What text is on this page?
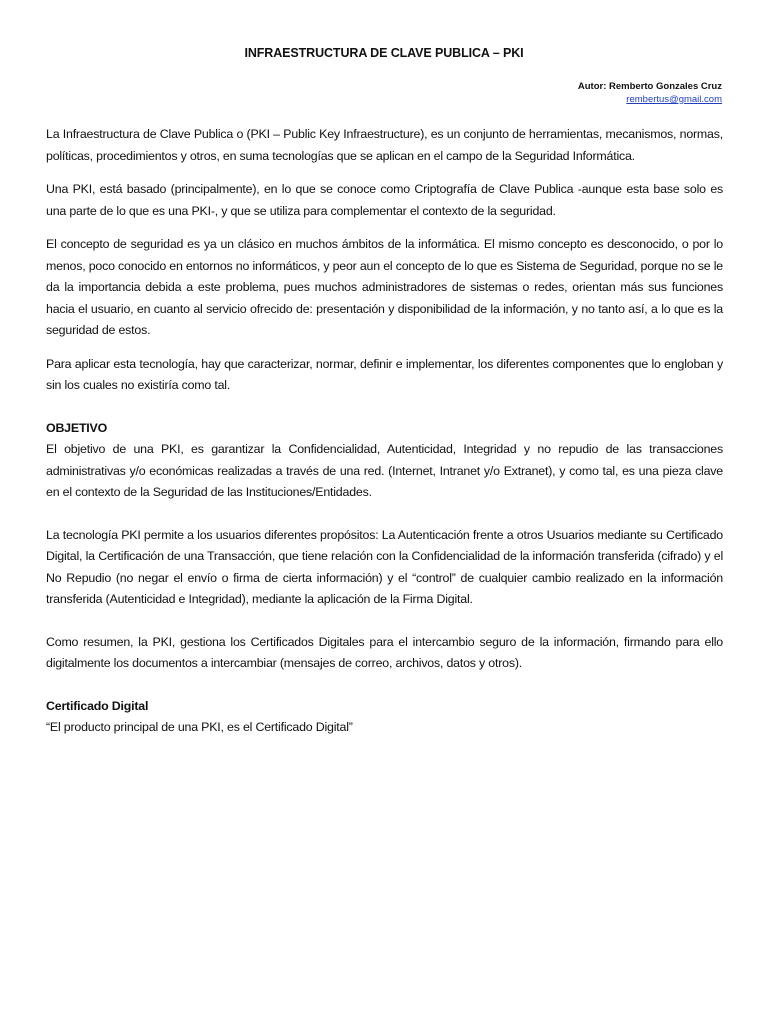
INFRAESTRUCTURA DE CLAVE PUBLICA – PKI
Autor: Remberto Gonzales Cruz
rembertus@gmail.com

La Infraestructura de Clave Publica o (PKI – Public Key Infraestructure), es un conjunto de herramientas, mecanismos, normas, políticas, procedimientos y otros, en suma tecnologías que se aplican en el campo de la Seguridad Informática.

Una PKI, está basado (principalmente), en lo que se conoce como Criptografía de Clave Publica -aunque esta base solo es una parte de lo que es una PKI-, y que se utiliza para complementar el contexto de la seguridad.

El concepto de seguridad es ya un clásico en muchos ámbitos de la informática. El mismo concepto es desconocido, o por lo menos, poco conocido en entornos no informáticos, y peor aun el concepto de lo que es Sistema de Seguridad, porque no se le da la importancia debida a este problema, pues muchos administradores de sistemas o redes, orientan más sus funciones hacia el usuario, en cuanto al servicio ofrecido de: presentación y disponibilidad de la información, y no tanto así, a lo que es la seguridad de estos.

Para aplicar esta tecnología, hay que caracterizar, normar, definir e implementar, los diferentes componentes que lo engloban y sin los cuales no existiría como tal.

OBJETIVO

El objetivo de una PKI, es garantizar la Confidencialidad, Autenticidad, Integridad y no repudio de las transacciones administrativas y/o económicas realizadas a través de una red. (Internet, Intranet y/o Extranet), y como tal, es una pieza clave en el contexto de la Seguridad de las Instituciones/Entidades.

La tecnología PKI permite a los usuarios diferentes propósitos: La Autenticación frente a otros Usuarios mediante su Certificado Digital, la Certificación de una Transacción, que tiene relación con la Confidencialidad de la información transferida (cifrado) y el No Repudio (no negar el envío o firma de cierta información) y el “control” de cualquier cambio realizado en la información transferida (Autenticidad e Integridad), mediante la aplicación de la Firma Digital.

Como resumen, la PKI, gestiona los Certificados Digitales para el intercambio seguro de la información, firmando para ello digitalmente los documentos a intercambiar (mensajes de correo, archivos, datos y otros).

Certificado Digital

“El producto principal de una PKI, es el Certificado Digital”
